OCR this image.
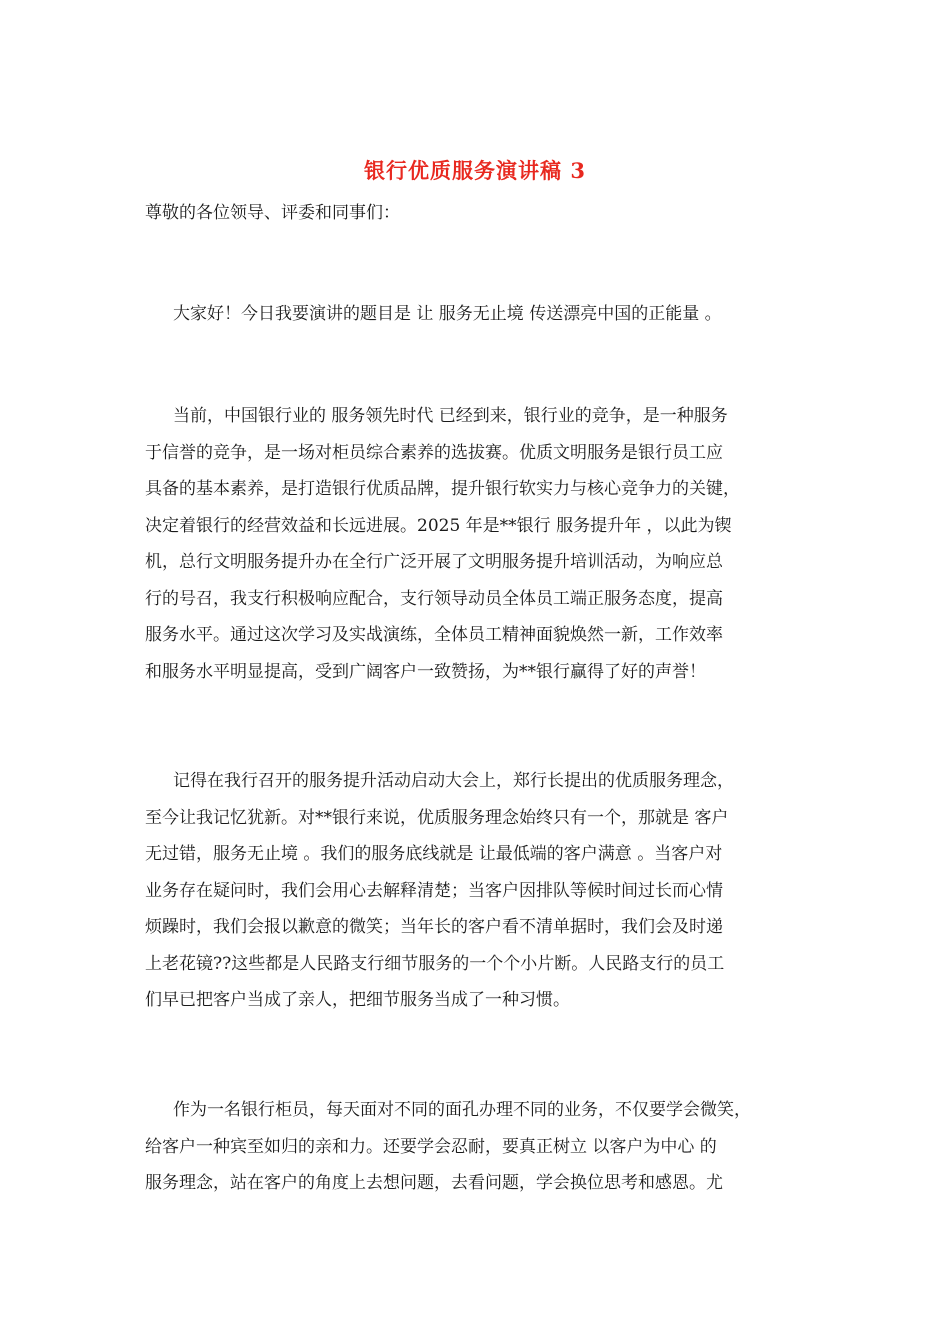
银行优质服务演讲稿 3
尊敬的各位领导、评委和同事们：
大家好！今日我要演讲的题目是 让 服务无止境 传送漂亮中国的正能量 。
当前，中国银行业的 服务领先时代 已经到来，银行业的竞争，是一种服务
于信誉的竞争，是一场对柜员综合素养的选拔赛。优质文明服务是银行员工应
具备的基本素养，是打造银行优质品牌，提升银行软实力与核心竞争力的关键，
决定着银行的经营效益和长远进展。2025 年是**银行 服务提升年 ，以此为锲
机，总行文明服务提升办在全行广泛开展了文明服务提升培训活动，为响应总
行的号召，我支行积极响应配合，支行领导动员全体员工端正服务态度，提高
服务水平。通过这次学习及实战演练，全体员工精神面貌焕然一新，工作效率
和服务水平明显提高，受到广阔客户一致赞扬，为**银行赢得了好的声誉！
记得在我行召开的服务提升活动启动大会上，郑行长提出的优质服务理念，
至今让我记忆犹新。对**银行来说，优质服务理念始终只有一个，那就是 客户
无过错，服务无止境 。我们的服务底线就是 让最低端的客户满意 。当客户对
业务存在疑问时，我们会用心去解释清楚；当客户因排队等候时间过长而心情
烦躁时，我们会报以歉意的微笑；当年长的客户看不清单据时，我们会及时递
上老花镜??这些都是人民路支行细节服务的一个个小片断。人民路支行的员工
们早已把客户当成了亲人，把细节服务当成了一种习惯。
作为一名银行柜员，每天面对不同的面孔办理不同的业务，不仅要学会微笑，
给客户一种宾至如归的亲和力。还要学会忍耐，要真正树立 以客户为中心 的
服务理念，站在客户的角度上去想问题，去看问题，学会换位思考和感恩。尤
